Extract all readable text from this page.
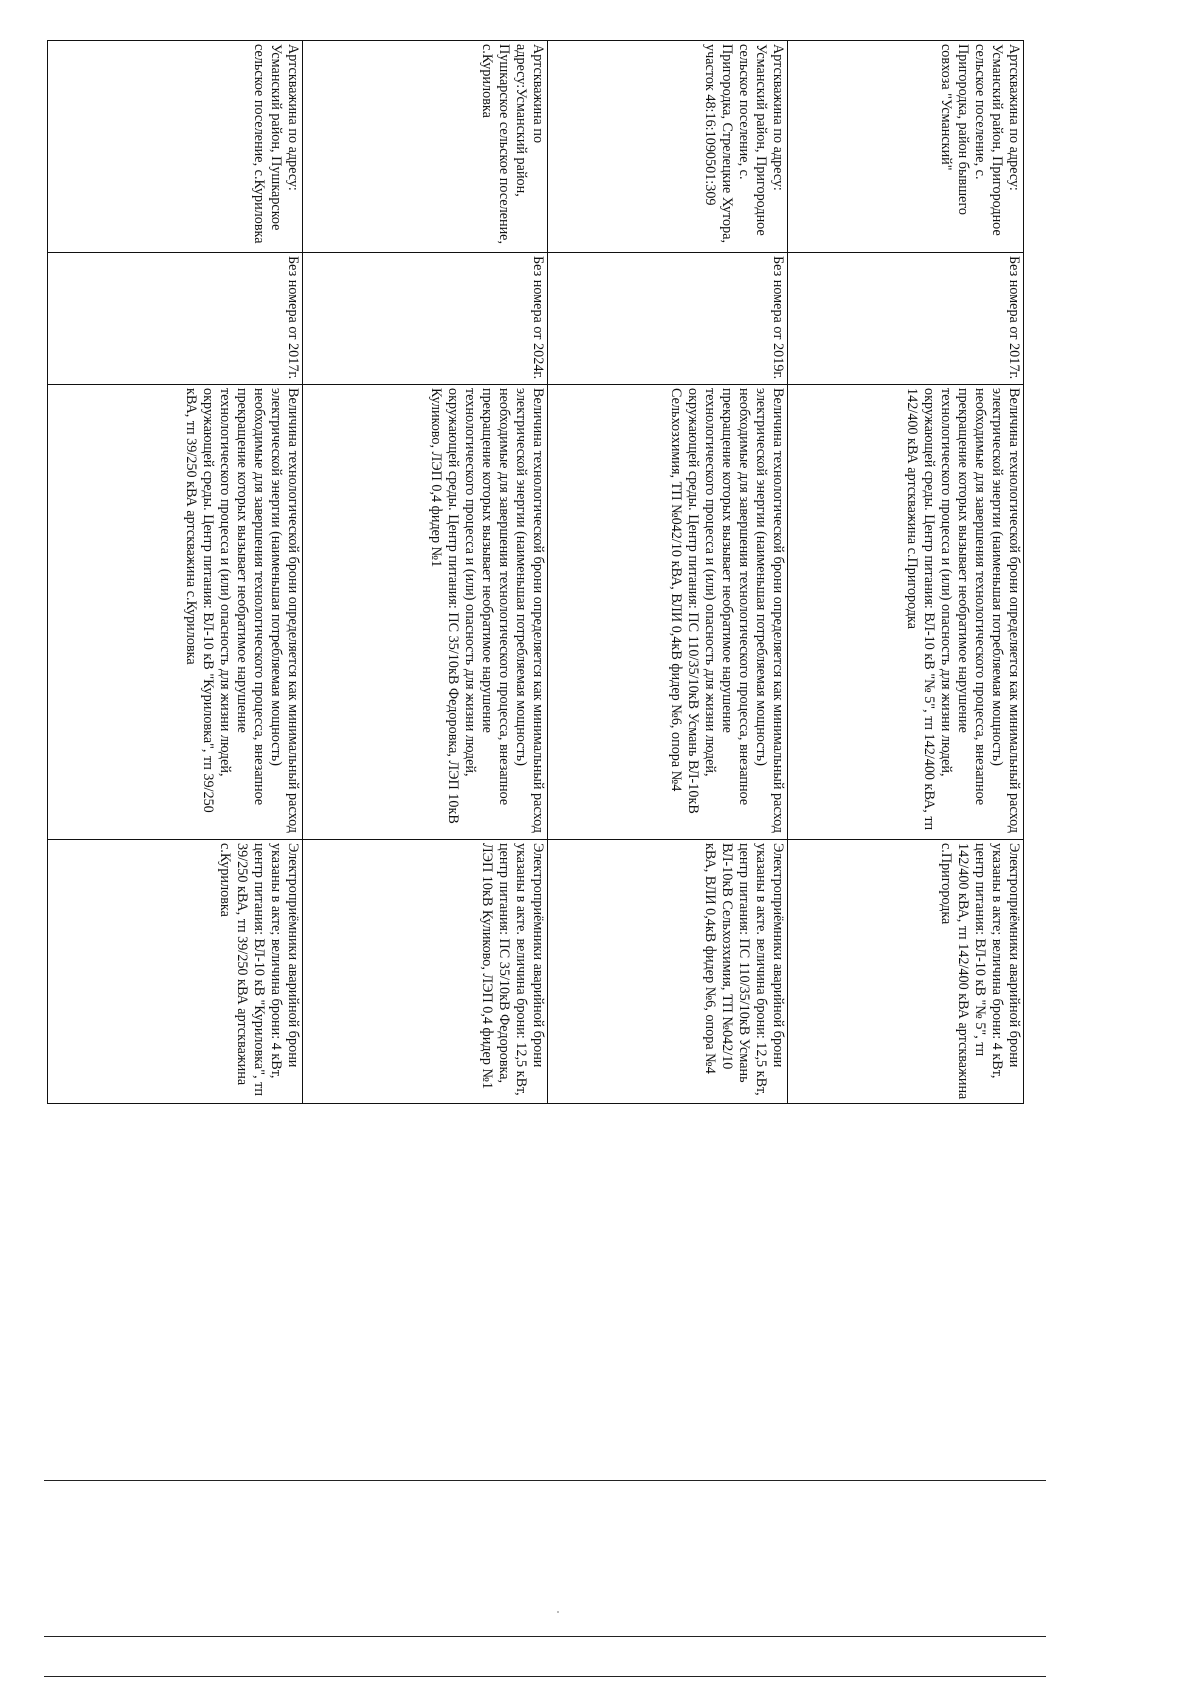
Артскважина по адресу: Усманский район, Пригородное сельское поселение, с. Пригородка, район бывшего совхоза "Усманский"	Без номера от 2017г.	Величина технологической брони определяется как минимальный расход электрической энергии (наименьшая потребляемая мощность) необходимые для завершения технологического процесса, внезапное прекращение которых вызывает необратимое нарушение технологического процесса и (или) опасность для жизни людей, окружающей среды. Центр питания: ВЛ-10 кВ "№ 5", тп 142/400 кВА, тп 142/400 кВА артскважина с.Пригородка	Электроприёмники аварийной брони указаны в акте; величина брони: 4 кВт, центр питания: ВЛ-10 кВ "№ 5", тп 142/400 кВА, тп 142/400 кВА артскважина с.Пригородка
Артскважина по адресу: Усманский район, Пригородное сельское поселение, с. Пригородка, Стрелецкие Хутора, участок 48:16:1090501:309	Без номера от 2019г.	Величина технологической брони определяется как минимальный расход электрической энергии (наименьшая потребляемая мощность) необходимые для завершения технологического процесса, внезапное прекращение которых вызывает необратимое нарушение технологического процесса и (или) опасность для жизни людей, окружающей среды. Центр питания: ПС 110/35/10кВ Усмань ВЛ-10кВ Сельхозхимия, ТП №042/10 кВА, ВЛИ 0,4кВ фидер №6, опора №4	Электроприёмники аварийной брони указаны в акте. величина брони: 12,5 кВт, центр питания: ПС 110/35/10кВ Усмань ВЛ-10кВ Сельхозхимия, ТП №042/10 кВА, ВЛИ 0,4кВ фидер №6, опора №4
Артскважина по адресу:Усманский район, Пушкарское сельское поселение, с.Куриловка	Без номера от 2024г.	Величина технологической брони определяется как минимальный расход электрической энергии (наименьшая потребляемая мощность) необходимые для завершения технологического процесса, внезапное прекращение которых вызывает необратимое нарушение технологического процесса и (или) опасность для жизни людей, окружающей среды. Центр питания: ПС 35/10кВ Федоровка, ЛЭП 10кВ Куликово, ЛЭП 0,4 фидер №1	Электроприёмники аварийной брони указаны в акте. величина брони: 12,5 кВт, центр питания: ПС 35/10кВ Федоровка, ЛЭП 10кВ Куликово, ЛЭП 0,4 фидер №1
Артскважина по адресу: Усманский район, Пушкарское сельское поселение, с.Куриловка	Без номера от 2017г.	Величина технологической брони определяется как минимальный расход электрической энергии (наименьшая потребляемая мощность) необходимые для завершения технологического процесса, внезапное прекращение которых вызывает необратимое нарушение технологического процесса и (или) опасность для жизни людей, окружающей среды. Центр питания: ВЛ-10 кВ "Куриловка", тп 39/250 кВА, тп 39/250 кВА артскважина с.Куриловка	Электроприёмники аварийной брони указаны в акте; величина брони: 4 кВт, центр питания: ВЛ-10 кВ "Куриловка", тп 39/250 кВА, тп 39/250 кВА артскважина с.Куриловка
